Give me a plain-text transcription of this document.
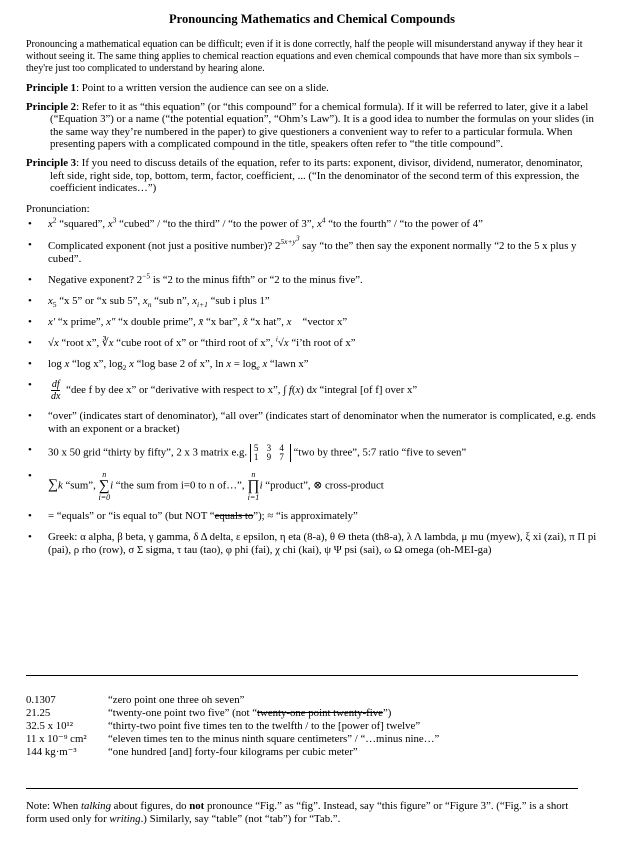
Pronouncing Mathematics and Chemical Compounds
Pronouncing a mathematical equation can be difficult; even if it is done correctly, half the people will misunderstand anyway if they hear it without seeing it. The same thing applies to chemical reaction equations and even chemical compounds that have more than six symbols – they're just too complicated to understand by hearing alone.
Principle 1: Point to a written version the audience can see on a slide.
Principle 2: Refer to it as “this equation” (or “this compound” for a chemical formula). If it will be referred to later, give it a label (“Equation 3”) or a name (“the potential equation”, “Ohm’s Law”). It is a good idea to number the formulas on your slides (in the same way they’re numbered in the paper) to give questioners a convenient way to refer to a particular formula. When presenting papers with a complicated compound in the title, speakers often refer to “the title compound”.
Principle 3: If you need to discuss details of the equation, refer to its parts: exponent, divisor, dividend, numerator, denominator, left side, right side, top, bottom, term, factor, coefficient, ... (“In the denominator of the second term of this expression, the coefficient indicates…”)
Pronunciation:
• $x^2$ “squared”, $x^3$ “cubed” / “to the third” / “to the power of 3”, $x^4$ “to the fourth” / “to the power of 4”
• Complicated exponent (not just a positive number)? $2^{5x+y^3}$ say “to the” then say the exponent normally “2 to the 5 x plus y cubed”.
• Negative exponent? $2^{-5}$ is “2 to the minus fifth” or “2 to the minus five”.
• $x_5$ “x 5” or “x sub 5”, $x_n$ “sub n”, $x_{i+1}$ “sub i plus 1”
• x′ “x prime”, x″ “x double prime”, x̄ “x bar”, x̂ “x hat”, x⃗ “vector x”
• √x “root x”, ∛x “cube root of x” or “third root of x”, $^i$√x “i’th root of x”
• log x “log x”, $\log_2 x$ “log base 2 of x”, $\ln x = \log_e x$ “lawn x”
• $\frac{df}{dx}$ “dee f by dee x” or “derivative with respect to x”, ∫ f(x) dx “integral [of f] over x”
• “over” (indicates start of denominator), “all over” (indicates start of denominator when the numerator is complicated, e.g. ends with an exponent or a bracket)
• 30 x 50 grid “thirty by fifty”, 2 x 3 matrix e.g. 5 3 4
1 9 7 “two by three”, 5:7 ratio “five to seven”
• ∑k “sum”,
n
∑
i=0
i “the sum from i=0 to n of…”,
n
∏
i=1
i “product”, ⊗ cross-product
• = “equals” or “is equal to” (but NOT “equals to”); ≈ “is approximately”
• Greek: α alpha, β beta, γ gamma, δ Δ delta, ε epsilon, η eta (8-a), θ Θ theta (th8-a), λ Λ lambda, μ mu (myew), ξ xi (zai), π Π pi (pai), ρ rho (row), σ Σ sigma, τ tau (tao), φ phi (fai), χ chi (kai), ψ Ψ psi (sai), ω Ω omega (oh-MEI-ga)
0.1307	“zero point one three oh seven”
21.25	“twenty-one point two five” (not “twenty-one point twenty-five”)
32.5 x 10¹²	“thirty-two point five times ten to the twelfth / to the [power of] twelve”
11 x 10⁻⁹ cm²	“eleven times ten to the minus ninth square centimeters” / “…minus nine…”
144 kg·m⁻³	“one hundred [and] forty-four kilograms per cubic meter”
Note: When talking about figures, do not pronounce “Fig.” as “fig”. Instead, say “this figure” or “Figure 3”. (“Fig.” is a short form used only for writing.) Similarly, say “table” (not “tab”) for “Tab.”.
